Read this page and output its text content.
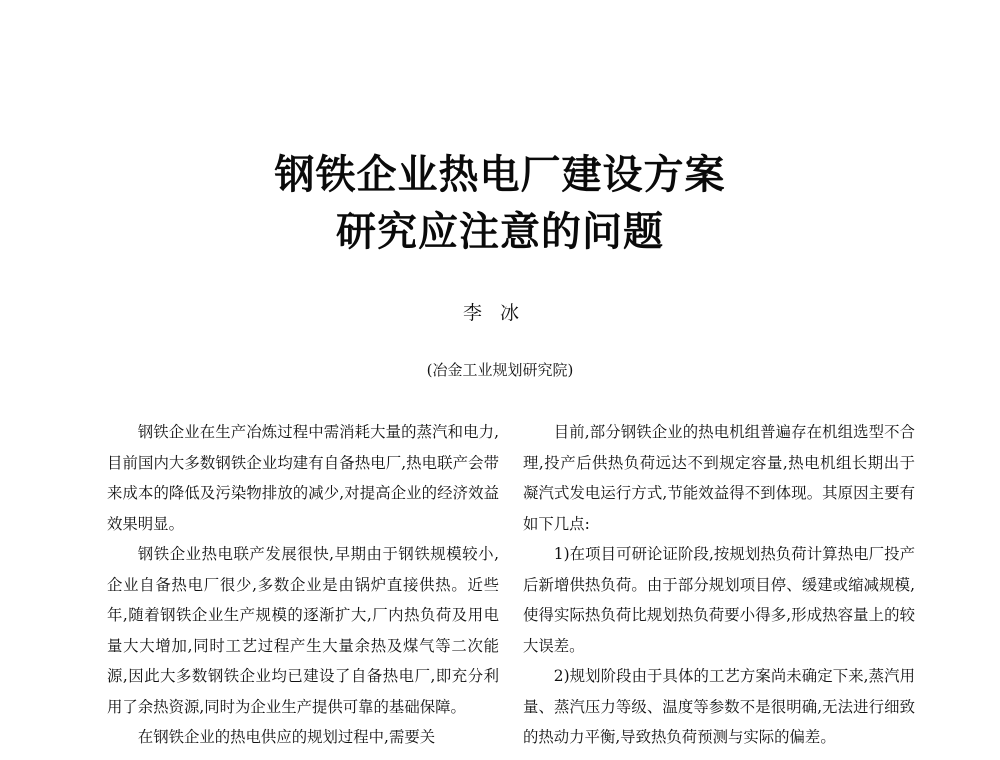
钢铁企业热电厂建设方案
研究应注意的问题
李冰
(冶金工业规划研究院)

钢铁企业在生产冶炼过程中需消耗大量的蒸汽和电力,目前国内大多数钢铁企业均建有自备热电厂,热电联产会带来成本的降低及污染物排放的减少,对提高企业的经济效益效果明显。

钢铁企业热电联产发展很快,早期由于钢铁规模较小,企业自备热电厂很少,多数企业是由锅炉直接供热。近些年,随着钢铁企业生产规模的逐渐扩大,厂内热负荷及用电量大大增加,同时工艺过程产生大量余热及煤气等二次能源,因此大多数钢铁企业均已建设了自备热电厂,即充分利用了余热资源,同时为企业生产提供可靠的基础保障。

在钢铁企业的热电供应的规划过程中,需要关

目前,部分钢铁企业的热电机组普遍存在机组选型不合理,投产后供热负荷远达不到规定容量,热电机组长期出于凝汽式发电运行方式,节能效益得不到体现。其原因主要有如下几点:

1)在项目可研论证阶段,按规划热负荷计算热电厂投产后新增供热负荷。由于部分规划项目停、缓建或缩减规模,使得实际热负荷比规划热负荷要小得多,形成热容量上的较大误差。

2)规划阶段由于具体的工艺方案尚未确定下来,蒸汽用量、蒸汽压力等级、温度等参数不是很明确,无法进行细致的热动力平衡,导致热负荷预测与实际的偏差。
